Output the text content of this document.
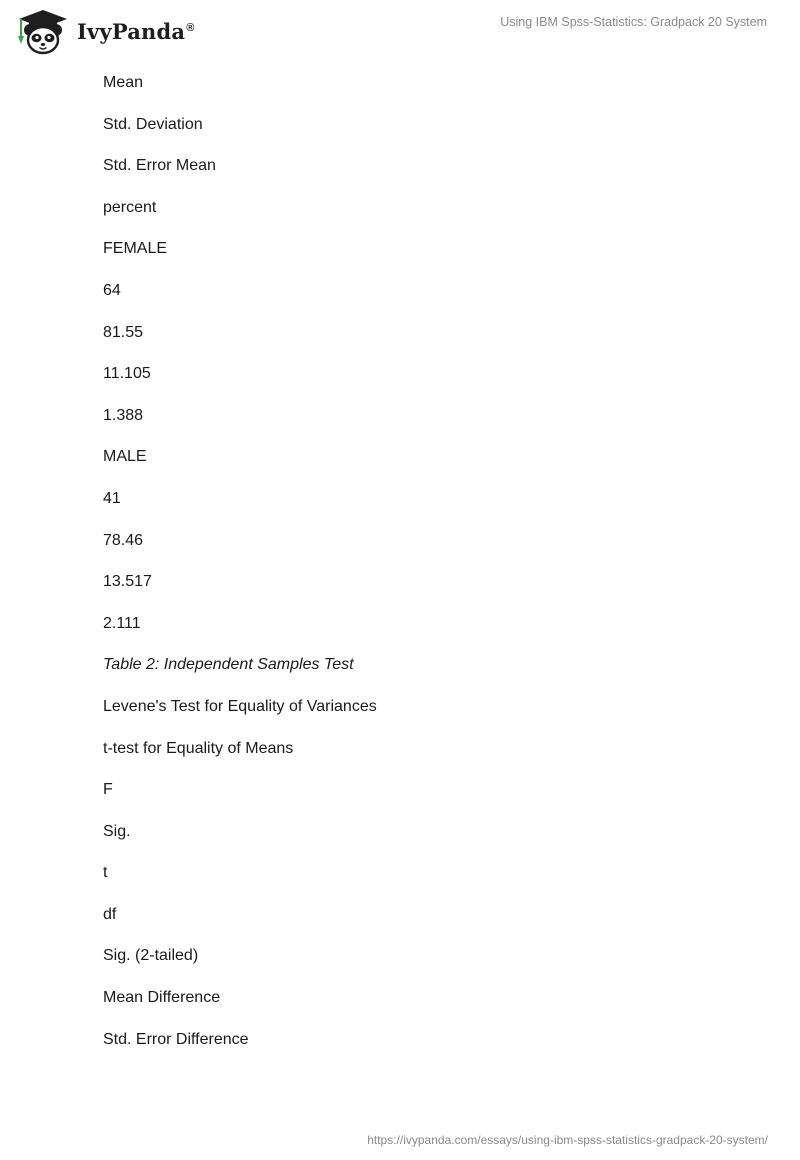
IvyPanda®	Using IBM Spss-Statistics: Gradpack 20 System
Mean
Std. Deviation
Std. Error Mean
percent
FEMALE
64
81.55
11.105
1.388
MALE
41
78.46
13.517
2.111
Table 2: Independent Samples Test
Levene's Test for Equality of Variances
t-test for Equality of Means
F
Sig.
t
df
Sig. (2-tailed)
Mean Difference
Std. Error Difference
https://ivypanda.com/essays/using-ibm-spss-statistics-gradpack-20-system/
